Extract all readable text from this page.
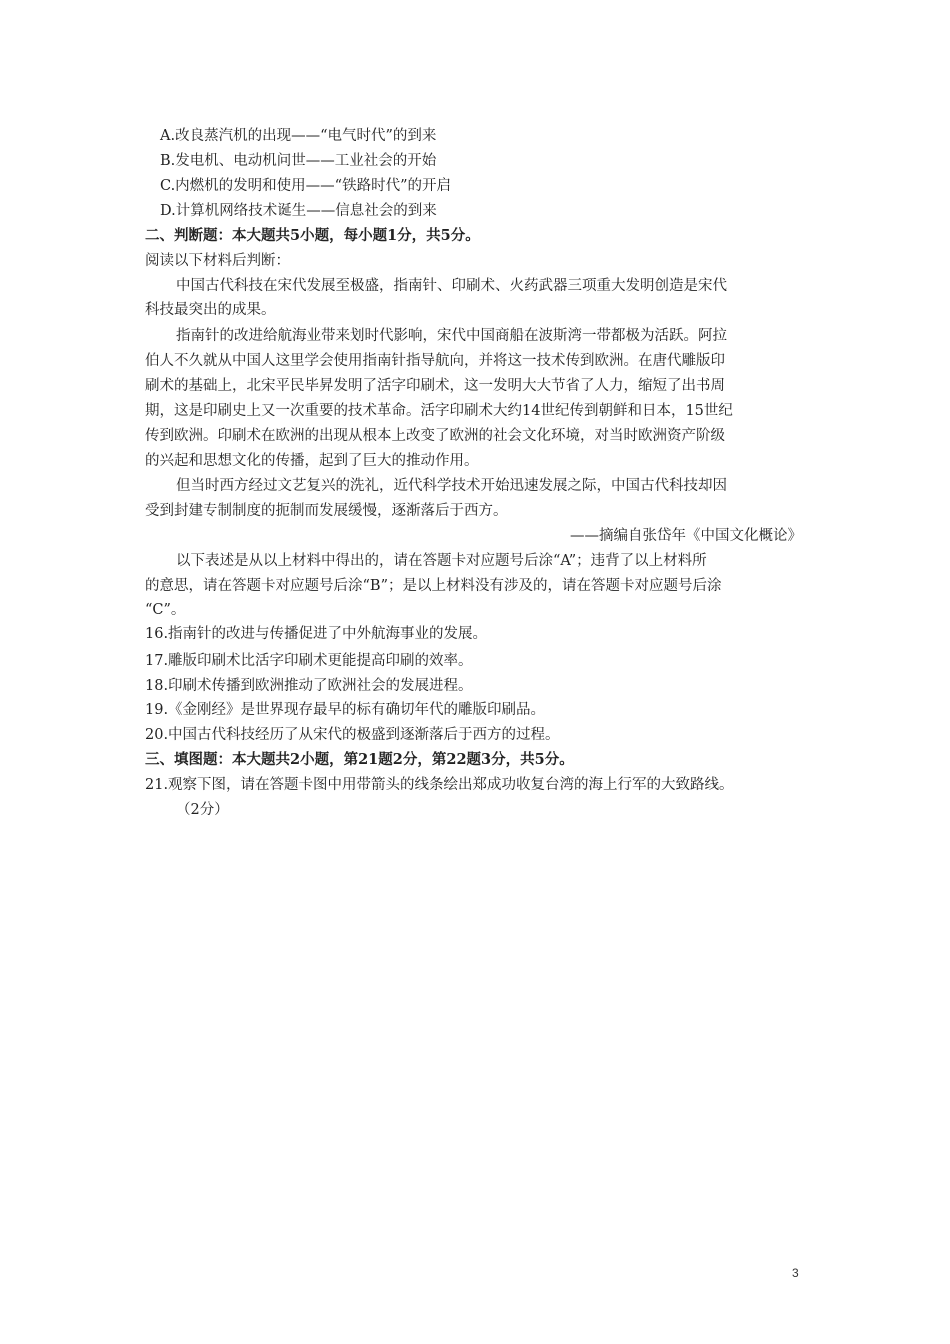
A.改良蒸汽机的出现——“电气时代”的到来
B.发电机、电动机问世——工业社会的开始
C.内燃机的发明和使用——“铁路时代”的开启
D.计算机网络技术诞生——信息社会的到来
二、判断题：本大题共5小题，每小题1分，共5分。
阅读以下材料后判断：
中国古代科技在宋代发展至极盛，指南针、印刷术、火药武器三项重大发明创造是宋代
科技最突出的成果。
指南针的改进给航海业带来划时代影响，宋代中国商船在波斯湾一带都极为活跃。阿拉
伯人不久就从中国人这里学会使用指南针指导航向，并将这一技术传到欧洲。在唐代雕版印
刷术的基础上，北宋平民毕昇发明了活字印刷术，这一发明大大节省了人力，缩短了出书周
期，这是印刷史上又一次重要的技术革命。活字印刷术大约14世纪传到朝鲜和日本，15世纪
传到欧洲。印刷术在欧洲的出现从根本上改变了欧洲的社会文化环境，对当时欧洲资产阶级
的兴起和思想文化的传播，起到了巨大的推动作用。
但当时西方经过文艺复兴的洗礼，近代科学技术开始迅速发展之际，中国古代科技却因
受到封建专制制度的扼制而发展缓慢，逐渐落后于西方。
——摘编自张岱年《中国文化概论》
以下表述是从以上材料中得出的，请在答题卡对应题号后涂“A”；违背了以上材料所
的意思，请在答题卡对应题号后涂“B”；是以上材料没有涉及的，请在答题卡对应题号后涂
“C”。
16.指南针的改进与传播促进了中外航海事业的发展。
17.雕版印刷术比活字印刷术更能提高印刷的效率。
18.印刷术传播到欧洲推动了欧洲社会的发展进程。
19.《金刚经》是世界现存最早的标有确切年代的雕版印刷品。
20.中国古代科技经历了从宋代的极盛到逐渐落后于西方的过程。
三、填图题：本大题共2小题，第21题2分，第22题3分，共5分。
21.观察下图，请在答题卡图中用带箭头的线条绘出郑成功收复台湾的海上行军的大致路线。
（2分）
3
